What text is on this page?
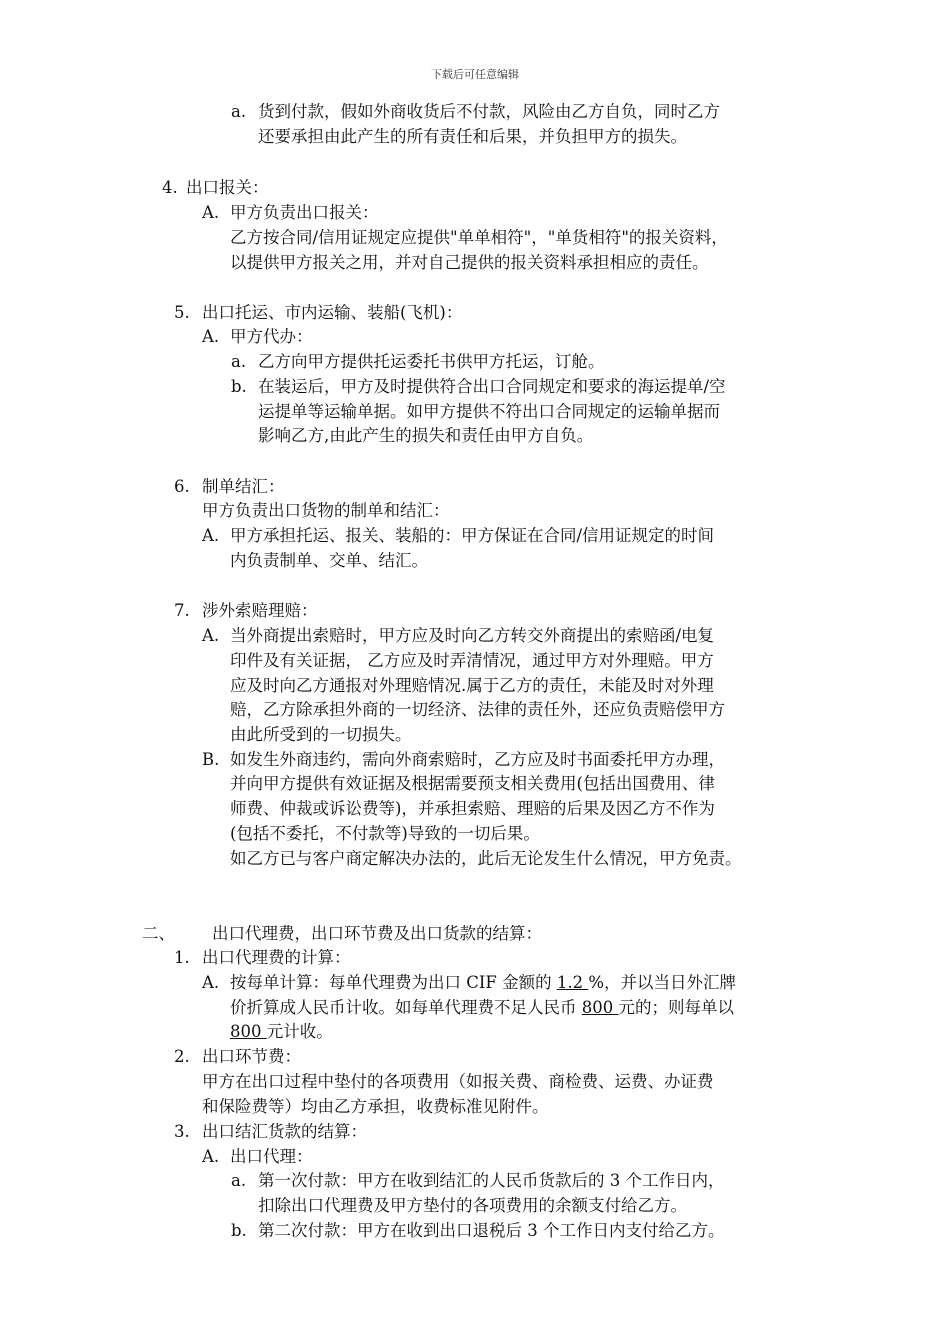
下载后可任意编辑
a. 货到付款，假如外商收货后不付款，风险由乙方自负，同时乙方
还要承担由此产生的所有责任和后果，并负担甲方的损失。
4. 出口报关：
A. 甲方负责出口报关：
乙方按合同/信用证规定应提供"单单相符"，"单货相符"的报关资料，
以提供甲方报关之用，并对自己提供的报关资料承担相应的责任。
5. 出口托运、市内运输、装船(飞机)：
A. 甲方代办：
a. 乙方向甲方提供托运委托书供甲方托运，订舱。
b. 在装运后，甲方及时提供符合出口合同规定和要求的海运提单/空
运提单等运输单据。如甲方提供不符出口合同规定的运输单据而
影响乙方,由此产生的损失和责任由甲方自负。
6. 制单结汇：
甲方负责出口货物的制单和结汇：
A. 甲方承担托运、报关、装船的：甲方保证在合同/信用证规定的时间
内负责制单、交单、结汇。
7. 涉外索赔理赔：
A. 当外商提出索赔时，甲方应及时向乙方转交外商提出的索赔函/电复
印件及有关证据， 乙方应及时弄清情况，通过甲方对外理赔。甲方
应及时向乙方通报对外理赔情况.属于乙方的责任，未能及时对外理
赔，乙方除承担外商的一切经济、法律的责任外，还应负责赔偿甲方
由此所受到的一切损失。
B. 如发生外商违约，需向外商索赔时，乙方应及时书面委托甲方办理，
并向甲方提供有效证据及根据需要预支相关费用(包括出国费用、律
师费、仲裁或诉讼费等)，并承担索赔、理赔的后果及因乙方不作为
(包括不委托，不付款等)导致的一切后果。
如乙方已与客户商定解决办法的，此后无论发生什么情况，甲方免责。
二、 出口代理费，出口环节费及出口货款的结算：
1. 出口代理费的计算：
A. 按每单计算：每单代理费为出口 CIF 金额的 1.2 %，并以当日外汇牌
价折算成人民币计收。如每单代理费不足人民币 800 元的；则每单以
800 元计收。
2. 出口环节费：
甲方在出口过程中垫付的各项费用（如报关费、商检费、运费、办证费
和保险费等）均由乙方承担，收费标准见附件。
3. 出口结汇货款的结算：
A. 出口代理：
a. 第一次付款：甲方在收到结汇的人民币货款后的 3 个工作日内，
扣除出口代理费及甲方垫付的各项费用的余额支付给乙方。
b. 第二次付款：甲方在收到出口退税后 3 个工作日内支付给乙方。
